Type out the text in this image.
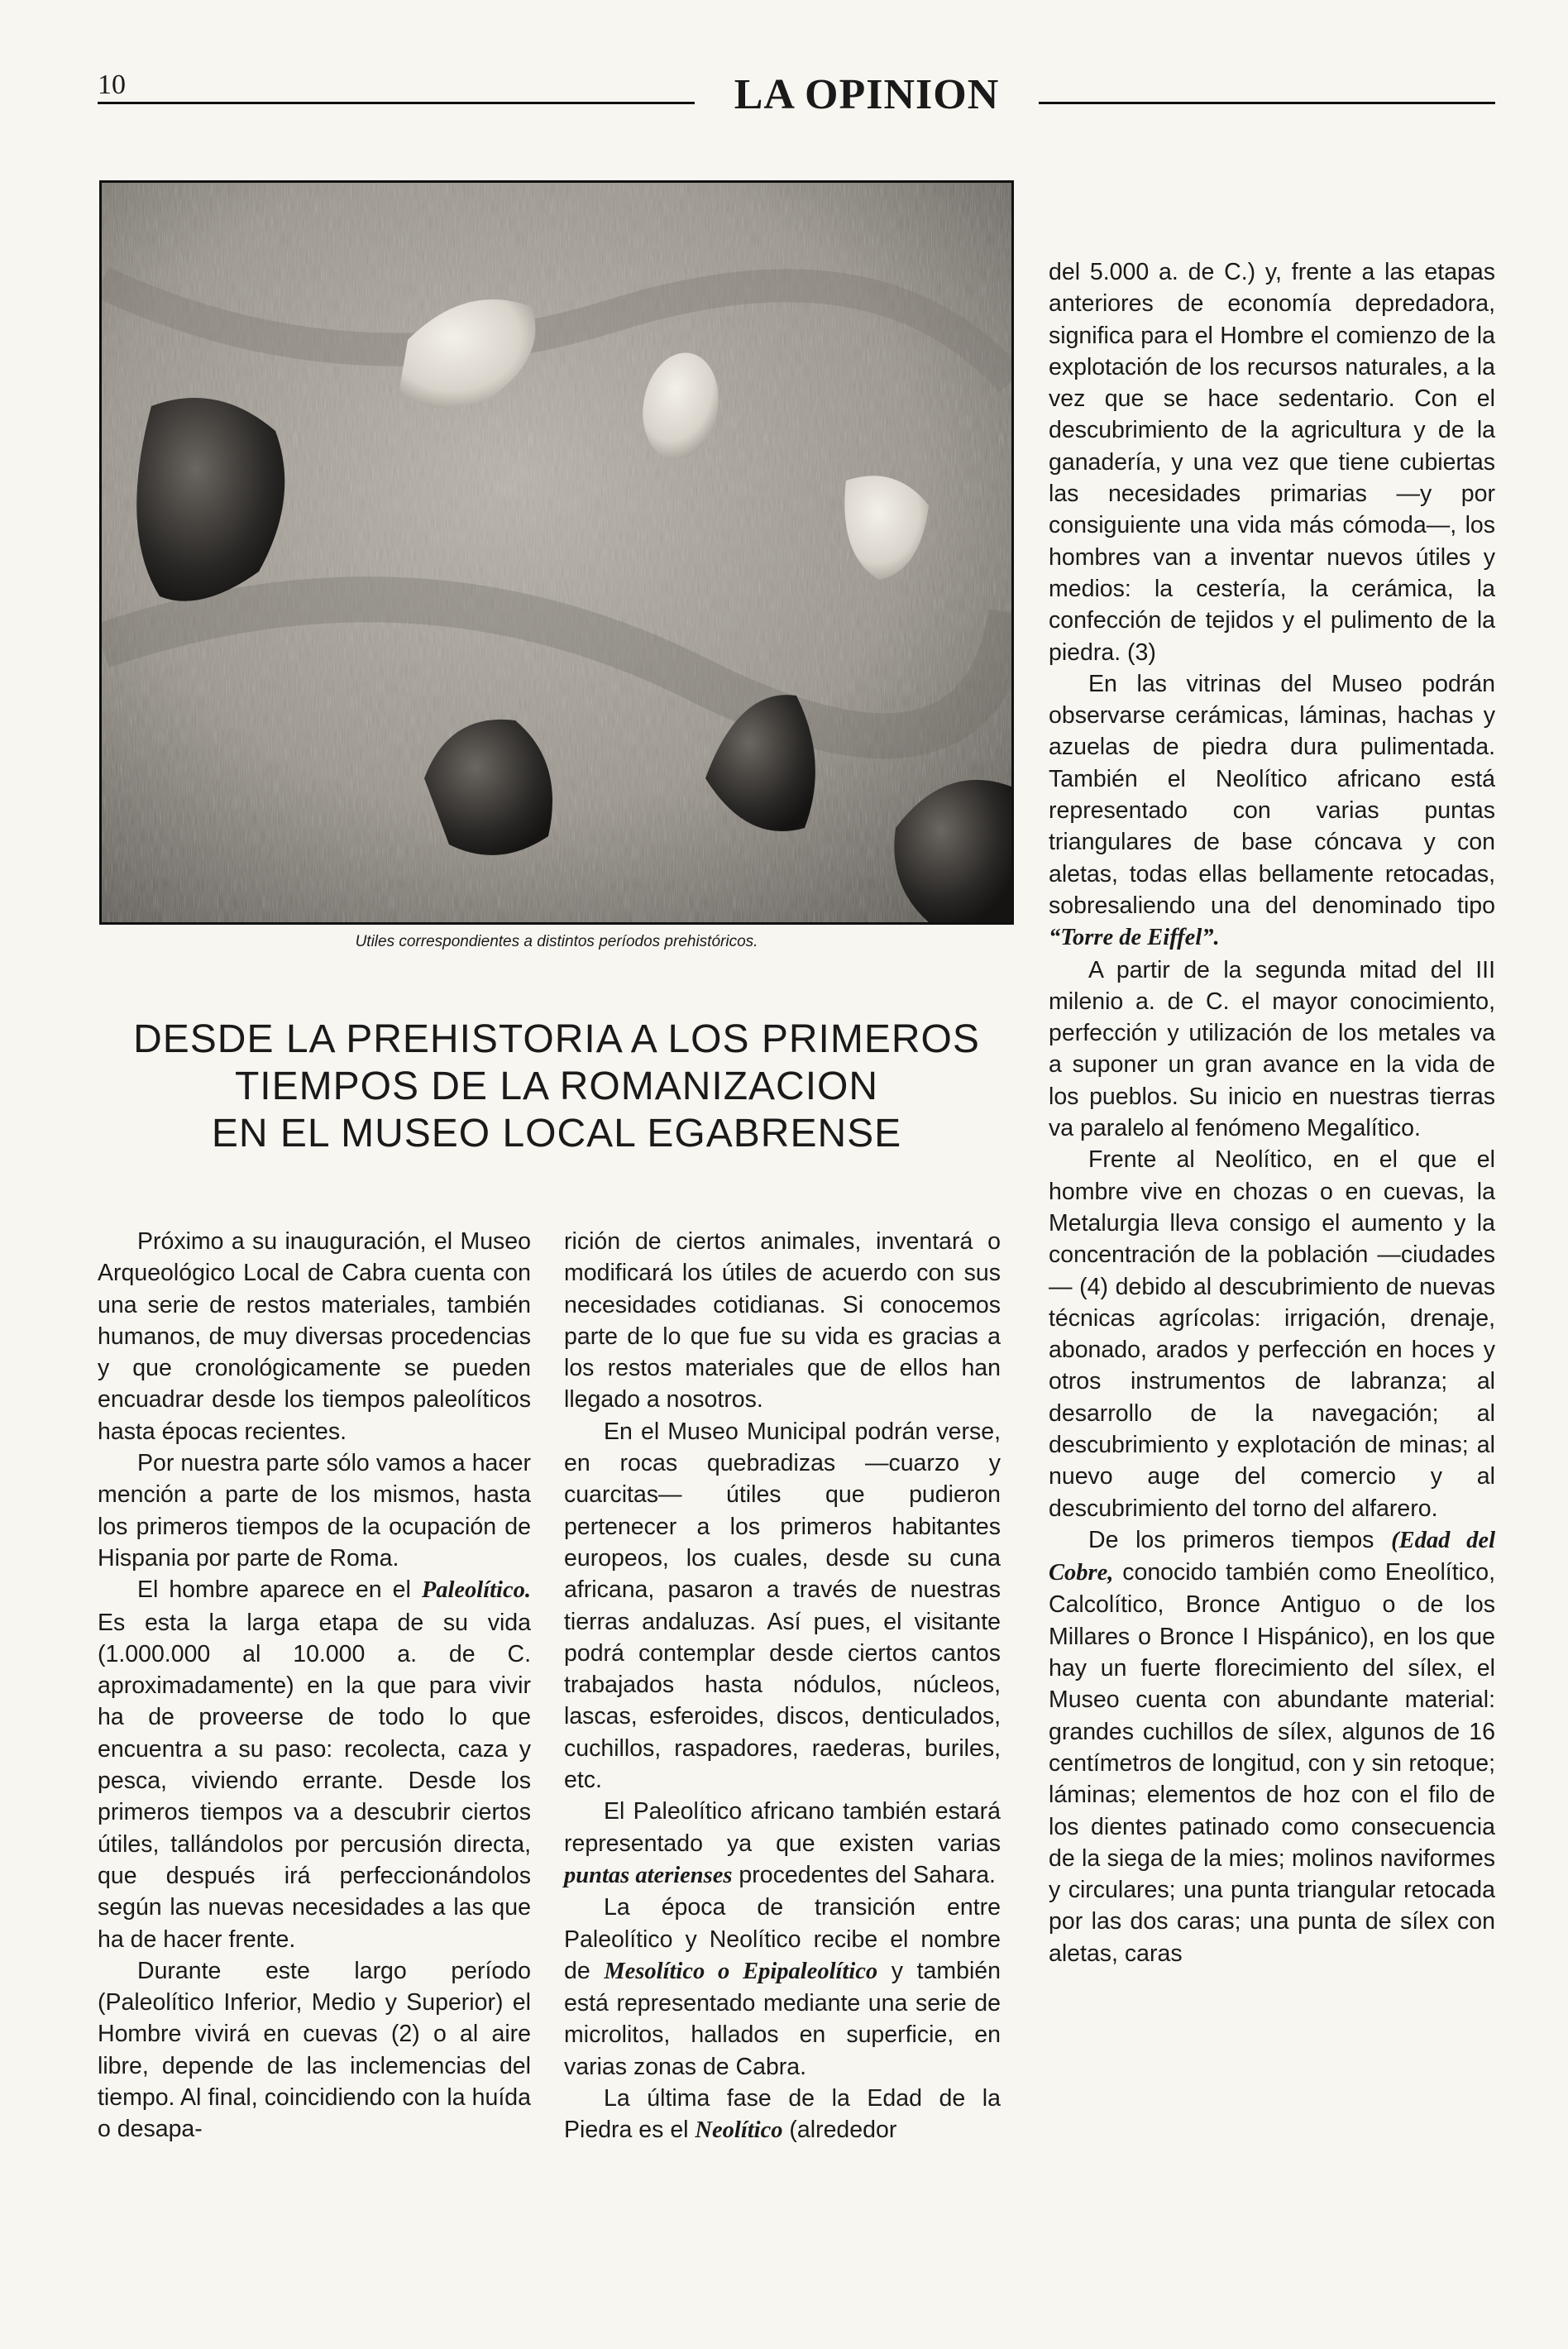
10	LA OPINION
Utiles correspondientes a distintos períodos prehistóricos.
DESDE LA PREHISTORIA A LOS PRIMEROS
TIEMPOS DE LA ROMANIZACION
EN EL MUSEO LOCAL EGABRENSE

Próximo a su inauguración, el Museo Arqueológico Local de Cabra cuenta con una serie de restos materiales, también humanos, de muy diversas procedencias y que cronológicamente se pueden encuadrar desde los tiempos paleolíticos hasta épocas recientes.

Por nuestra parte sólo vamos a hacer mención a parte de los mismos, hasta los primeros tiempos de la ocupación de Hispania por parte de Roma.

El hombre aparece en el Paleolítico. Es esta la larga etapa de su vida (1.000.000 al 10.000 a. de C. aproximadamente) en la que para vivir ha de proveerse de todo lo que encuentra a su paso: recolecta, caza y pesca, viviendo errante. Desde los primeros tiempos va a descubrir ciertos útiles, tallándolos por percusión directa, que después irá perfeccionándolos según las nuevas necesidades a las que ha de hacer frente.

Durante este largo período (Paleolítico Inferior, Medio y Superior) el Hombre vivirá en cuevas (2) o al aire libre, depende de las inclemencias del tiempo. Al final, coincidiendo con la huída o desapa-

rición de ciertos animales, inventará o modificará los útiles de acuerdo con sus necesidades cotidianas. Si conocemos parte de lo que fue su vida es gracias a los restos materiales que de ellos han llegado a nosotros.

En el Museo Municipal podrán verse, en rocas quebradizas —cuarzo y cuarcitas— útiles que pudieron pertenecer a los primeros habitantes europeos, los cuales, desde su cuna africana, pasaron a través de nuestras tierras andaluzas. Así pues, el visitante podrá contemplar desde ciertos cantos trabajados hasta nódulos, núcleos, lascas, esferoides, discos, denticulados, cuchillos, raspadores, raederas, buriles, etc.

El Paleolítico africano también estará representado ya que existen varias puntas aterienses procedentes del Sahara.

La época de transición entre Paleolítico y Neolítico recibe el nombre de Mesolítico o Epipaleolítico y también está representado mediante una serie de microlitos, hallados en superficie, en varias zonas de Cabra.

La última fase de la Edad de la Piedra es el Neolítico (alrededor

del 5.000 a. de C.) y, frente a las etapas anteriores de economía depredadora, significa para el Hombre el comienzo de la explotación de los recursos naturales, a la vez que se hace sedentario. Con el descubrimiento de la agricultura y de la ganadería, y una vez que tiene cubiertas las necesidades primarias —y por consiguiente una vida más cómoda—, los hombres van a inventar nuevos útiles y medios: la cestería, la cerámica, la confección de tejidos y el pulimento de la piedra. (3)

En las vitrinas del Museo podrán observarse cerámicas, láminas, hachas y azuelas de piedra dura pulimentada. También el Neolítico africano está representado con varias puntas triangulares de base cóncava y con aletas, todas ellas bellamente retocadas, sobresaliendo una del denominado tipo “Torre de Eiffel”.

A partir de la segunda mitad del III milenio a. de C. el mayor conocimiento, perfección y utilización de los metales va a suponer un gran avance en la vida de los pueblos. Su inicio en nuestras tierras va paralelo al fenómeno Megalítico.

Frente al Neolítico, en el que el hombre vive en chozas o en cuevas, la Metalurgia lleva consigo el aumento y la concentración de la población —ciudades— (4) debido al descubrimiento de nuevas técnicas agrícolas: irrigación, drenaje, abonado, arados y perfección en hoces y otros instrumentos de labranza; al desarrollo de la navegación; al descubrimiento y explotación de minas; al nuevo auge del comercio y al descubrimiento del torno del alfarero.

De los primeros tiempos (Edad del Cobre, conocido también como Eneolítico, Calcolítico, Bronce Antiguo o de los Millares o Bronce I Hispánico), en los que hay un fuerte florecimiento del sílex, el Museo cuenta con abundante material: grandes cuchillos de sílex, algunos de 16 centímetros de longitud, con y sin retoque; láminas; elementos de hoz con el filo de los dientes patinado como consecuencia de la siega de la mies; molinos naviformes y circulares; una punta triangular retocada por las dos caras; una punta de sílex con aletas, caras
